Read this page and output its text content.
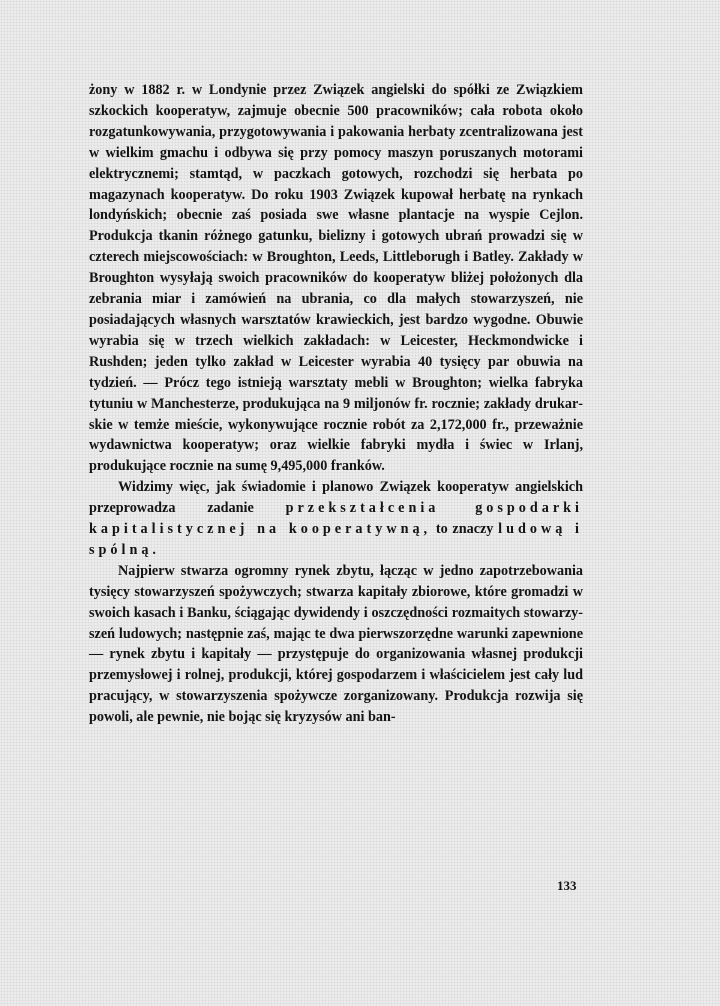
żony w 1882 r. w Londynie przez Związek angielski do spółki ze Związkiem szkockich kooperatyw, zajmuje obecnie 500 pracowników; cała robota około rozgatunkowywania, przygotowywania i pakowania herbaty zcentralizowana jest w wielkim gmachu i odbywa się przy pomocy maszyn poruszanych motorami elektrycznemi; stamtąd, w paczkach gotowych, rozchodzi się herbata po magazynach kooperatyw. Do roku 1903 Związek kupował herbatę na rynkach londyńskich; obecnie zaś posiada swe własne plantacje na wyspie Cejlon. Produkcja tkanin różnego gatunku, bielizny i gotowych ubrań prowadzi się w czterech miejscowościach: w Broughton, Leeds, Littleborugh i Batley. Zakłady w Broughton wysyłają swoich pracowników do kooperatyw bliżej położonych dla zebrania miar i zamówień na ubrania, co dla małych stowarzyszeń, nie posiadających własnych warsztatów krawieckich, jest bardzo wygodne. Obuwie wyrabia się w trzech wielkich zakładach: w Leicester, Heckmondwicke i Rushden; jeden tylko zakład w Leicester wyrabia 40 tysięcy par obuwia na tydzień. — Prócz tego istnieją warsztaty mebli w Broughton; wielka fabryka tytuniu w Manchesterze, produkująca na 9 miljonów fr. rocznie; zakłady drukarskie w temże mieście, wykonywujące rocznie robót za 2,172,000 fr., przeważnie wydawnictwa kooperatyw; oraz wielkie fabryki mydła i świec w Irlanj, produkujące rocznie na sumę 9,495,000 franków.

Widzimy więc, jak świadomie i planowo Związek kooperatyw angielskich przeprowadza zadanie przekształcenia gospodarki kapitalistycznej na kooperatywną, to znaczy ludową i spólną.

Najpierw stwarza ogromny rynek zbytu, łącząc w jedno zapotrzebowania tysięcy stowarzyszeń spożywczych; stwarza kapitały zbiorowe, które gromadzi w swoich kasach i Banku, ściągając dywidendy i oszczędności rozmaitych stowarzyszeń ludowych; następnie zaś, mając te dwa pierwszorzędne warunki zapewnione — rynek zbytu i kapitały — przystępuje do organizowania własnej produkcji przemysłowej i rolnej, produkcji, której gospodarzem i właścicielem jest cały lud pracujący, w stowarzyszenia spożywcze zorganizowany. Produkcja rozwija się powoli, ale pewnie, nie bojąc się kryzysów ani ban-

133
